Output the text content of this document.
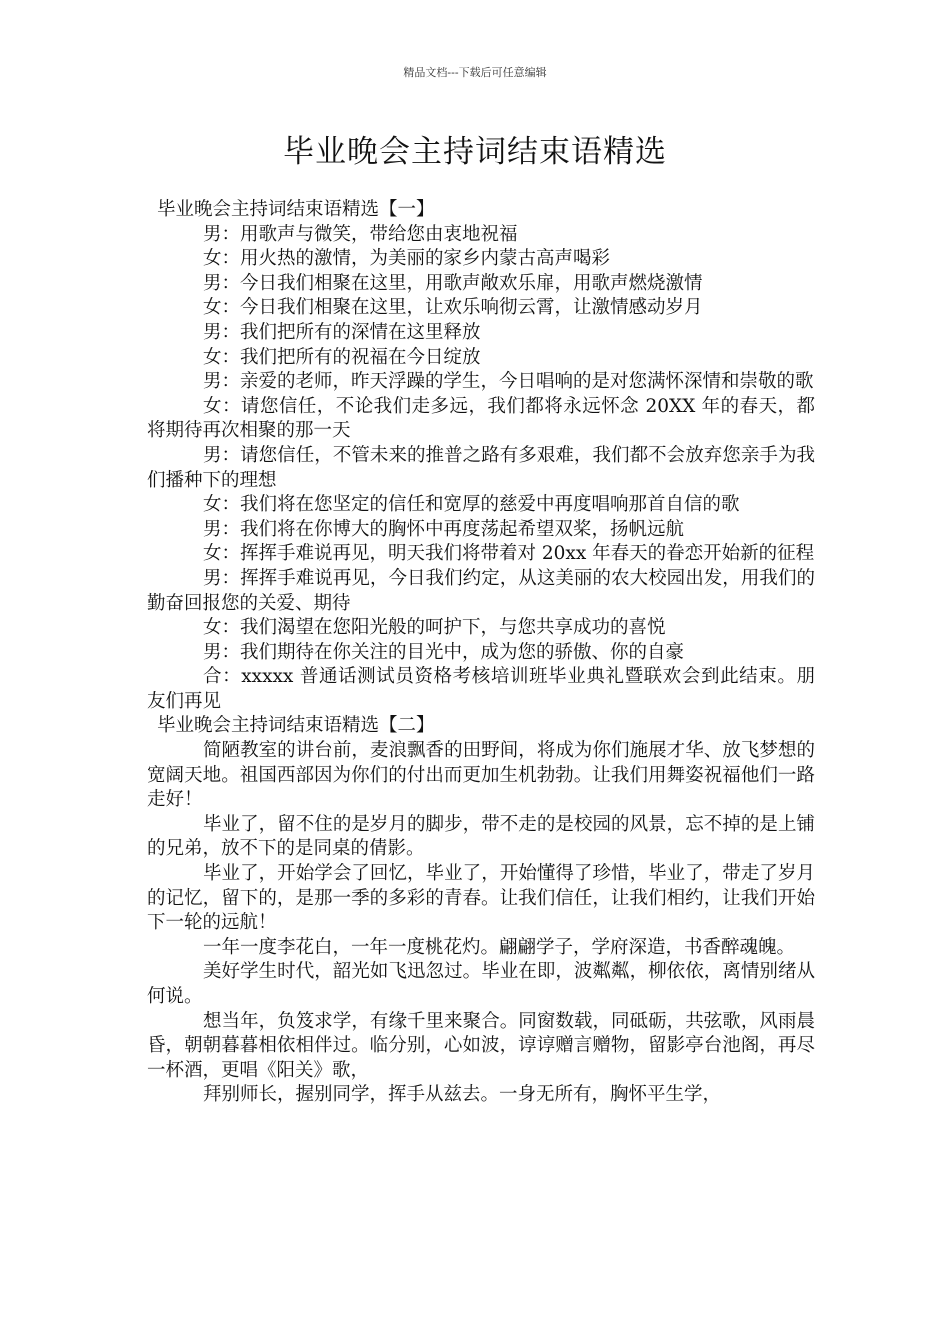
精品文档---下载后可任意编辑
毕业晚会主持词结束语精选

毕业晚会主持词结束语精选【一】

男：用歌声与微笑，带给您由衷地祝福

女：用火热的激情，为美丽的家乡内蒙古高声喝彩

男：今日我们相聚在这里，用歌声敞欢乐扉，用歌声燃烧激情

女：今日我们相聚在这里，让欢乐响彻云霄，让激情感动岁月

男：我们把所有的深情在这里释放

女：我们把所有的祝福在今日绽放

男：亲爱的老师，昨天浮躁的学生，今日唱响的是对您满怀深情和崇敬的歌

女：请您信任，不论我们走多远，我们都将永远怀念 20XX 年的春天，都将期待再次相聚的那一天

男：请您信任，不管未来的推普之路有多艰难，我们都不会放弃您亲手为我们播种下的理想

女：我们将在您坚定的信任和宽厚的慈爱中再度唱响那首自信的歌

男：我们将在你博大的胸怀中再度荡起希望双桨，扬帆远航

女：挥挥手难说再见，明天我们将带着对 20xx 年春天的眷恋开始新的征程

男：挥挥手难说再见，今日我们约定，从这美丽的农大校园出发，用我们的勤奋回报您的关爱、期待

女：我们渴望在您阳光般的呵护下，与您共享成功的喜悦

男：我们期待在你关注的目光中，成为您的骄傲、你的自豪

合：xxxxx 普通话测试员资格考核培训班毕业典礼暨联欢会到此结束。朋友们再见

毕业晚会主持词结束语精选【二】

简陋教室的讲台前，麦浪飘香的田野间，将成为你们施展才华、放飞梦想的宽阔天地。祖国西部因为你们的付出而更加生机勃勃。让我们用舞姿祝福他们一路走好！

毕业了，留不住的是岁月的脚步，带不走的是校园的风景，忘不掉的是上铺的兄弟，放不下的是同桌的倩影。

毕业了，开始学会了回忆，毕业了，开始懂得了珍惜，毕业了，带走了岁月的记忆，留下的，是那一季的多彩的青春。让我们信任，让我们相约，让我们开始下一轮的远航！

一年一度李花白，一年一度桃花灼。翩翩学子，学府深造，书香醉魂魄。

美好学生时代，韶光如飞迅忽过。毕业在即，波粼粼，柳依依，离情别绪从何说。

想当年，负笈求学，有缘千里来聚合。同窗数载，同砥砺，共弦歌，风雨晨昏，朝朝暮暮相依相伴过。临分别，心如波，谆谆赠言赠物，留影亭台池阁，再尽一杯酒，更唱《阳关》歌，

拜别师长，握别同学，挥手从兹去。一身无所有，胸怀平生学，
